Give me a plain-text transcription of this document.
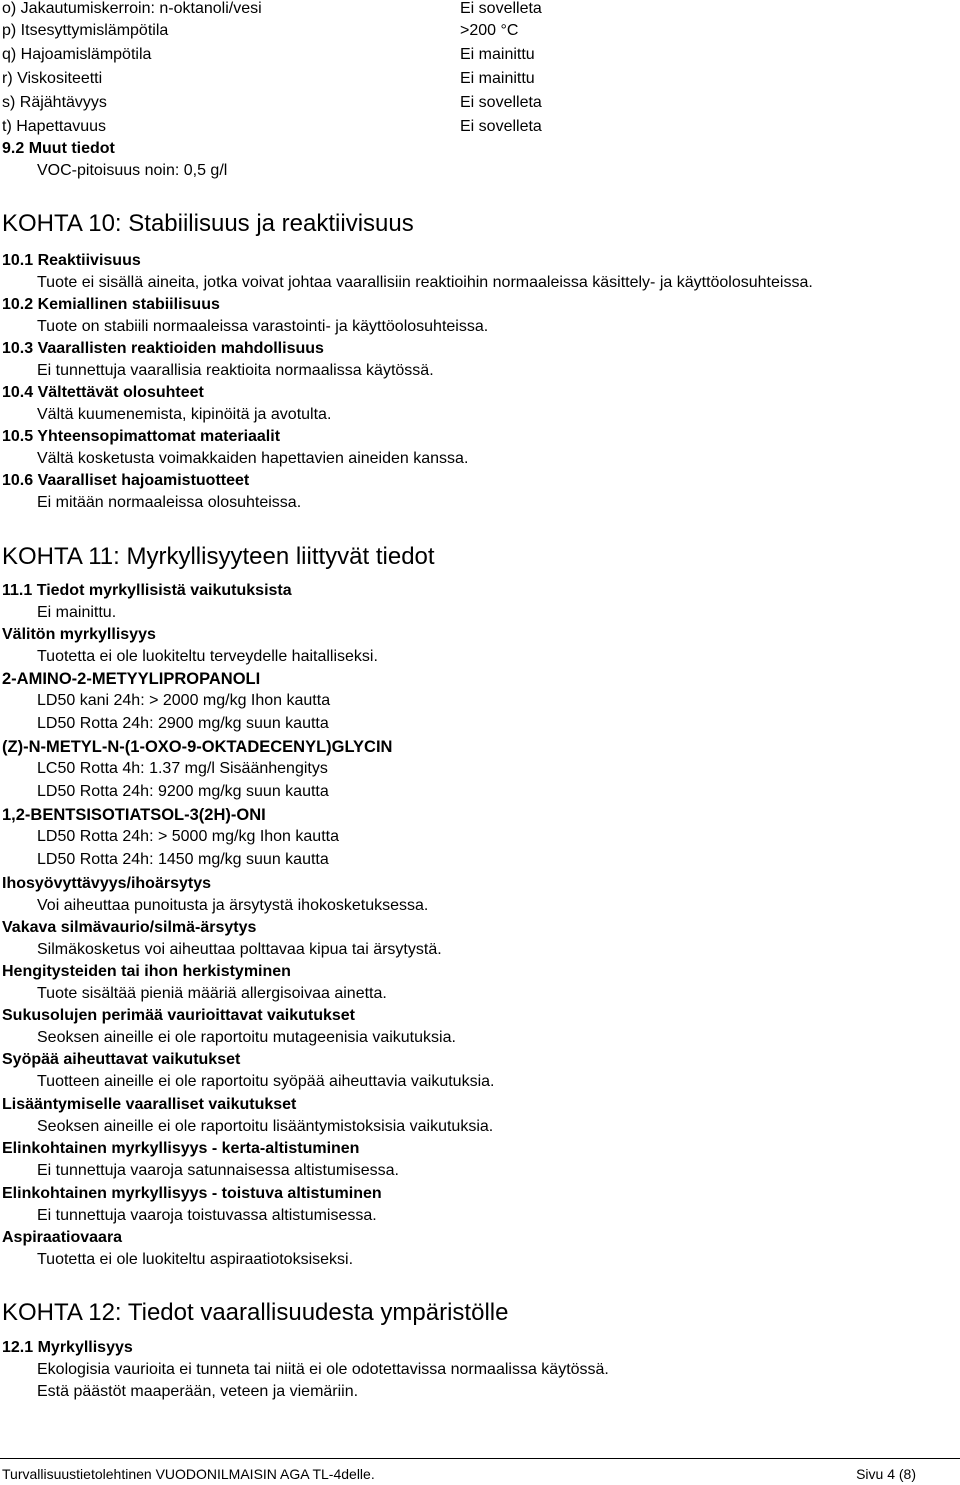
o) Jakautumiskerroin: n-oktanoli/vesi	Ei sovelleta
p) Itsesyttymislämpötila	>200 °C
q) Hajoamislämpötila	Ei mainittu
r) Viskositeetti	Ei mainittu
s) Räjähtävyys	Ei sovelleta
t) Hapettavuus	Ei sovelleta
9.2 Muut tiedot
VOC-pitoisuus noin: 0,5 g/l
KOHTA 10: Stabiilisuus ja reaktiivisuus
10.1 Reaktiivisuus
Tuote ei sisällä aineita, jotka voivat johtaa vaarallisiin reaktioihin normaaleissa käsittely- ja käyttöolosuhteissa.
10.2 Kemiallinen stabiilisuus
Tuote on stabiili normaaleissa varastointi- ja käyttöolosuhteissa.
10.3 Vaarallisten reaktioiden mahdollisuus
Ei tunnettuja vaarallisia reaktioita normaalissa käytössä.
10.4 Vältettävät olosuhteet
Vältä kuumenemista, kipinöitä ja avotulta.
10.5 Yhteensopimattomat materiaalit
Vältä kosketusta voimakkaiden hapettavien aineiden kanssa.
10.6 Vaaralliset hajoamistuotteet
Ei mitään normaaleissa olosuhteissa.
KOHTA 11: Myrkyllisyyteen liittyvät tiedot
11.1 Tiedot myrkyllisistä vaikutuksista
Ei mainittu.
Välitön myrkyllisyys
Tuotetta ei ole luokiteltu terveydelle haitalliseksi.
2-AMINO-2-METYYLIPROPANOLI
LD50 kani 24h: > 2000 mg/kg Ihon kautta
LD50 Rotta 24h: 2900 mg/kg suun kautta
(Z)-N-METYL-N-(1-OXO-9-OKTADECENYL)GLYCIN
LC50 Rotta 4h: 1.37 mg/l Sisäänhengitys
LD50 Rotta 24h: 9200 mg/kg suun kautta
1,2-BENTSISOTIATSOL-3(2H)-ONI
LD50 Rotta 24h: > 5000 mg/kg Ihon kautta
LD50 Rotta 24h: 1450 mg/kg suun kautta
Ihosyövyttävyys/ihoärsytys
Voi aiheuttaa punoitusta ja ärsytystä ihokosketuksessa.
Vakava silmävaurio/silmä-ärsytys
Silmäkosketus voi aiheuttaa polttavaa kipua tai ärsytystä.
Hengitysteiden tai ihon herkistyminen
Tuote sisältää pieniä määriä allergisoivaa ainetta.
Sukusolujen perimää vaurioittavat vaikutukset
Seoksen aineille ei ole raportoitu mutageenisia vaikutuksia.
Syöpää aiheuttavat vaikutukset
Tuotteen aineille ei ole raportoitu syöpää aiheuttavia vaikutuksia.
Lisääntymiselle vaaralliset vaikutukset
Seoksen aineille ei ole raportoitu lisääntymistoksisia vaikutuksia.
Elinkohtainen myrkyllisyys - kerta-altistuminen
Ei tunnettuja vaaroja satunnaisessa altistumisessa.
Elinkohtainen myrkyllisyys - toistuva altistuminen
Ei tunnettuja vaaroja toistuvassa altistumisessa.
Aspiraatiovaara
Tuotetta ei ole luokiteltu aspiraatiotoksiseksi.
KOHTA 12: Tiedot vaarallisuudesta ympäristölle
12.1 Myrkyllisyys
Ekologisia vaurioita ei tunneta tai niitä ei ole odotettavissa normaalissa käytössä.
Estä päästöt maaperään, veteen ja viemäriin.
Turvallisuustietolehtinen VUODONILMAISIN AGA TL-4delle.	Sivu 4 (8)
